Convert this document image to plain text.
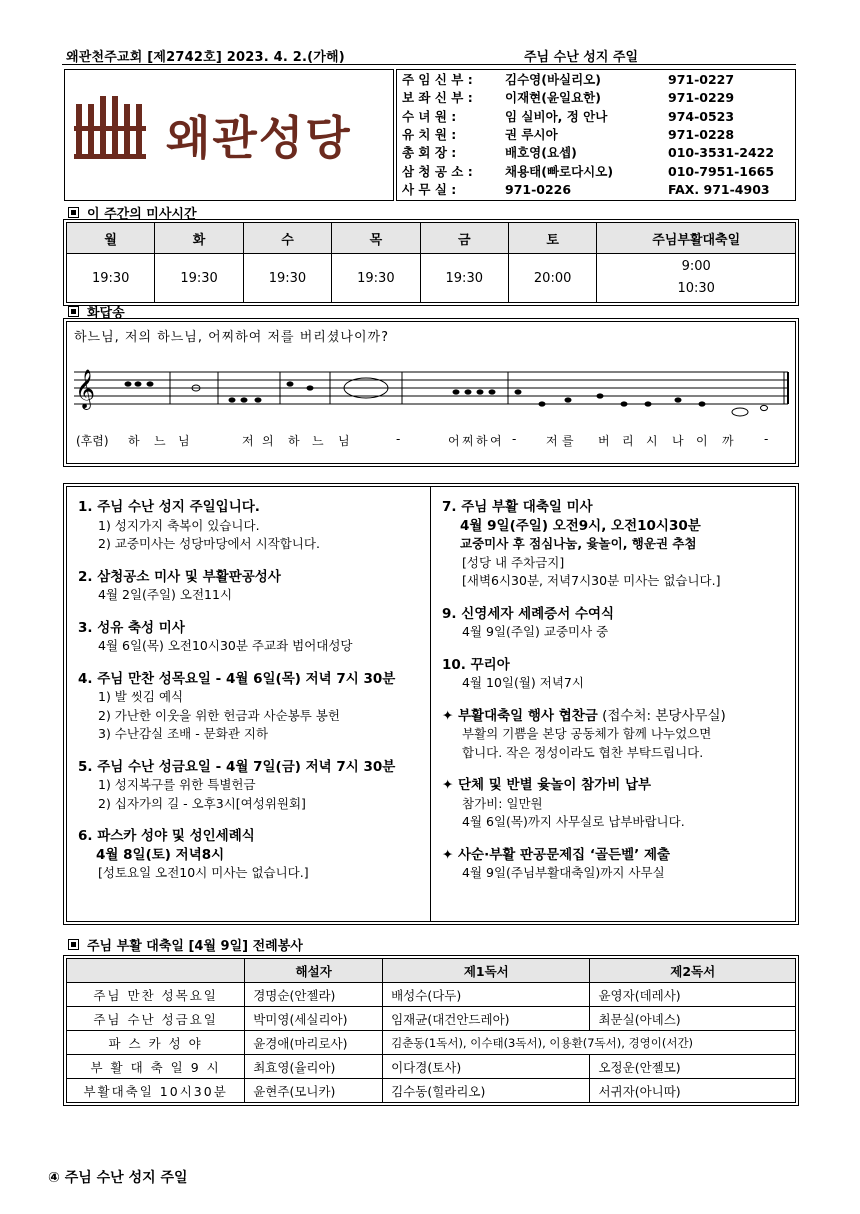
왜관천주교회 [제2742호] 2023. 4. 2.(가해)	주님 수난 성지 주일
왜관성당
주 임 신 부 :	김수영(바실리오)	971-0227
보 좌 신 부 :	이재현(윤일요한)	971-0229
수 녀 원 :	임 실비아, 정 안나	974-0523
유 치 원 :	권 루시아	971-0228
총 회 장 :	배호영(요셉)	010-3531-2422
삼 청 공 소 :	채용태(빠로다시오)	010-7951-1665
사 무 실 :	971-0226	FAX. 971-4903
이 주간의 미사시간
월	화	수	목	금	토	주님부활대축일
19:30	19:30	19:30	19:30	19:30	20:00	9:00
10:30
화답송
하느님, 저의 하느님, 어찌하여 저를 버리셨나이까?
𝄞
(후렴) 하 느 님	저 의 하 느 님	-	어 찌 하 여 - 저 를 버 리 시 나 이 까	-
1. 주님 수난 성지 주일입니다.
1) 성지가지 축복이 있습니다.
2) 교중미사는 성당마당에서 시작합니다.
2. 삼청공소 미사 및 부활판공성사
4월 2일(주일) 오전11시
3. 성유 축성 미사
4월 6일(목) 오전10시30분 주교좌 범어대성당
4. 주님 만찬 성목요일 - 4월 6일(목) 저녁 7시 30분
1) 발 씻김 예식
2) 가난한 이웃을 위한 헌금과 사순봉투 봉헌
3) 수난감실 조배 - 문화관 지하
5. 주님 수난 성금요일 - 4월 7일(금) 저녁 7시 30분
1) 성지복구를 위한 특별헌금
2) 십자가의 길 - 오후3시[여성위원회]
6. 파스카 성야 및 성인세례식
4월 8일(토) 저녁8시
[성토요일 오전10시 미사는 없습니다.]
7. 주님 부활 대축일 미사
4월 9일(주일) 오전9시, 오전10시30분
교중미사 후 점심나눔, 윷놀이, 행운권 추첨
[성당 내 주차금지]
[새벽6시30분, 저녁7시30분 미사는 없습니다.]
9. 신영세자 세례증서 수여식
4월 9일(주일) 교중미사 중
10. 꾸리아
4월 10일(월) 저녁7시
✦ 부활대축일 행사 협찬금 (접수처: 본당사무실)
부활의 기쁨을 본당 공동체가 함께 나누었으면
합니다. 작은 정성이라도 협찬 부탁드립니다.
✦ 단체 및 반별 윷놀이 참가비 납부
참가비: 일만원
4월 6일(목)까지 사무실로 납부바랍니다.
✦ 사순·부활 판공문제집 ‘골든벨’ 제출
4월 9일(주님부활대축일)까지 사무실
주님 부활 대축일 [4월 9일] 전례봉사
	해설자	제1독서	제2독서
주님 만찬 성목요일	경명순(안젤라)	배성수(다두)	윤영자(데레사)
주님 수난 성금요일	박미영(세실리아)	임재균(대건안드레아)	최문실(아녜스)
파 스 카 성 야	윤경애(마리로사)	김춘동(1독서), 이수태(3독서), 이용환(7독서), 경영이(서간)	
부 활 대 축 일 9 시	최효영(율리아)	이다경(토사)	오정운(안젤모)
부활대축일 10시30분	윤현주(모니카)	김수동(힐라리오)	서귀자(아니따)
④ 주님 수난 성지 주일
